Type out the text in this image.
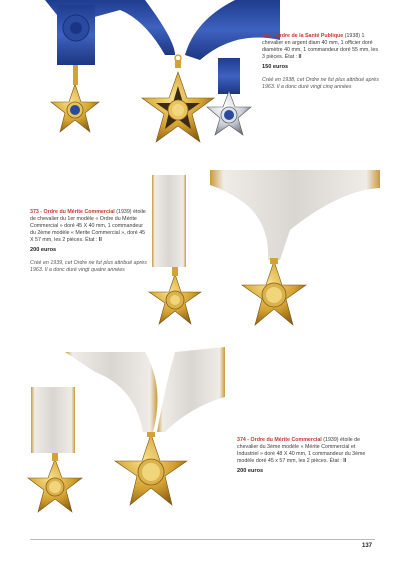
372 - Ordre de la Santé Publique (1938) 1 chevalier en argent diam 40 mm, 1 officier doré diamètre 40 mm, 1 commandeur doré 55 mm, les 3 pièces. État : II
150 euros
Créé en 1938, cet Ordre ne fut plus attribué après 1963. Il a donc duré vingt cinq années
373 - Ordre du Mérite Commercial (1939) étoile de chevalier du 1er modèle « Ordre du Mérite Commercial » doré 45 X 40 mm, 1 commandeur du 2ème modèle « Merite Commercial », doré 45 X 57 mm, les 2 pièces. État : II
200 euros
Créé en 1939, cet Ordre ne fut plus attribué après 1963. Il a donc duré vingt quatre années
374 - Ordre du Mérite Commercial (1939) étoile de chevalier du 3ème modèle « Mérite Commercial et Industriel » doré 48 X 40 mm, 1 commandeur du 3ème modèle doré 45 x 57 mm, les 2 pièces. État : II
200 euros
137
